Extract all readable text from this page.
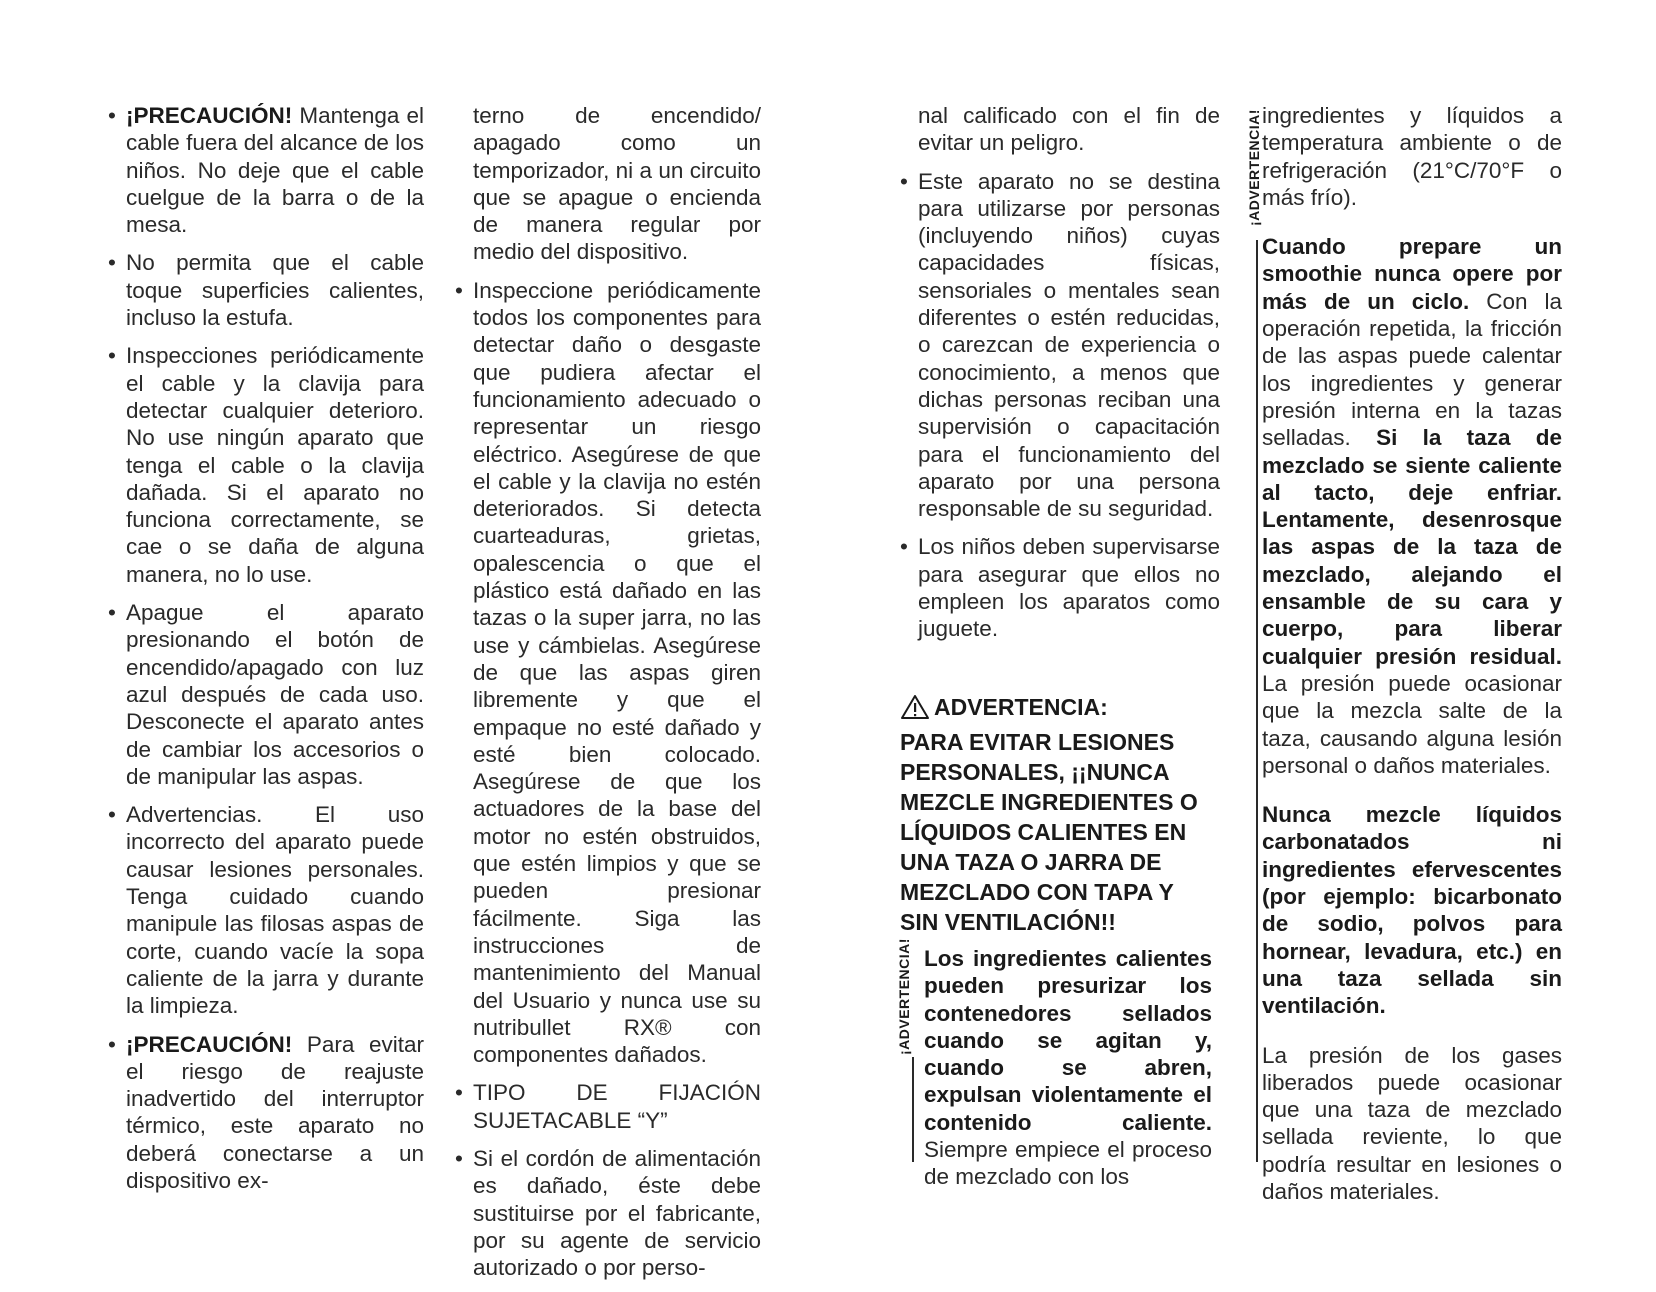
• ¡PRECAUCIÓN! Mantenga el cable fuera del alcance de los niños. No deje que el cable cuelgue de la barra o de la mesa.
• No permita que el cable toque superficies calientes, incluso la estufa.
• Inspecciones periódicamente el cable y la clavija para detectar cualquier deterioro. No use ningún aparato que tenga el cable o la clavija dañada. Si el aparato no funciona correctamente, se cae o se daña de alguna manera, no lo use.
• Apague el aparato presionando el botón de encendido/apagado con luz azul después de cada uso. Desconecte el aparato antes de cambiar los accesorios o de manipular las aspas.
• Advertencias. El uso incorrecto del aparato puede causar lesiones personales. Tenga cuidado cuando manipule las filosas aspas de corte, cuando vacíe la sopa caliente de la jarra y durante la limpieza.
• ¡PRECAUCIÓN! Para evitar el riesgo de reajuste inadvertido del interruptor térmico, este aparato no deberá conectarse a un dispositivo ex-

terno de encendido/ apagado como un temporizador, ni a un circuito que se apague o encienda de manera regular por medio del dispositivo.

• Inspeccione periódicamente todos los componentes para detectar daño o desgaste que pudiera afectar el funcionamiento adecuado o representar un riesgo eléctrico. Asegúrese de que el cable y la clavija no estén deteriorados. Si detecta cuarteaduras, grietas, opalescencia o que el plástico está dañado en las tazas o la super jarra, no las use y cámbielas. Asegúrese de que las aspas giren libremente y que el empaque no esté dañado y esté bien colocado. Asegúrese de que los actuadores de la base del motor no estén obstruidos, que estén limpios y que se pueden presionar fácilmente. Siga las instrucciones de mantenimiento del Manual del Usuario y nunca use su nutribullet RX® con componentes dañados.
• TIPO DE FIJACIÓN SUJETACABLE “Y”
• Si el cordón de alimentación es dañado, éste debe sustituirse por el fabricante, por su agente de servicio autorizado o por perso-

nal calificado con el fin de evitar un peligro.

• Este aparato no se destina para utilizarse por personas (incluyendo niños) cuyas capacidades físicas, sensoriales o mentales sean diferentes o estén reducidas, o carezcan de experiencia o conocimiento, a menos que dichas personas reciban una supervisión o capacitación para el funcionamiento del aparato por una persona responsable de su seguridad.
• Los niños deben supervisarse para asegurar que ellos no empleen los aparatos como juguete.
ADVERTENCIA:
PARA EVITAR LESIONES PERSONALES, ¡¡NUNCA MEZCLE INGREDIENTES O LÍQUIDOS CALIENTES EN UNA TAZA O JARRA DE MEZCLADO CON TAPA Y SIN VENTILACIÓN!!
¡ADVERTENCIA! Los ingredientes calientes pueden presurizar los contenedores sellados cuando se agitan y, cuando se abren, expulsan violentamente el contenido caliente. Siempre empiece el proceso de mezclado con los
¡ADVERTENCIA! ingredientes y líquidos a temperatura ambiente o de refrigeración (21°C/70°F o más frío).

Cuando prepare un smoothie nunca opere por más de un ciclo. Con la operación repetida, la fricción de las aspas puede calentar los ingredientes y generar presión interna en la tazas selladas. Si la taza de mezclado se siente caliente al tacto, deje enfriar. Lentamente, desenrosque las aspas de la taza de mezclado, alejando el ensamble de su cara y cuerpo, para liberar cualquier presión residual. La presión puede ocasionar que la mezcla salte de la taza, causando alguna lesión personal o daños materiales.

Nunca mezcle líquidos carbonatados ni ingredientes efervescentes (por ejemplo: bicarbonato de sodio, polvos para hornear, levadura, etc.) en una taza sellada sin ventilación.

La presión de los gases liberados puede ocasionar que una taza de mezclado sellada reviente, lo que podría resultar en lesiones o daños materiales.
